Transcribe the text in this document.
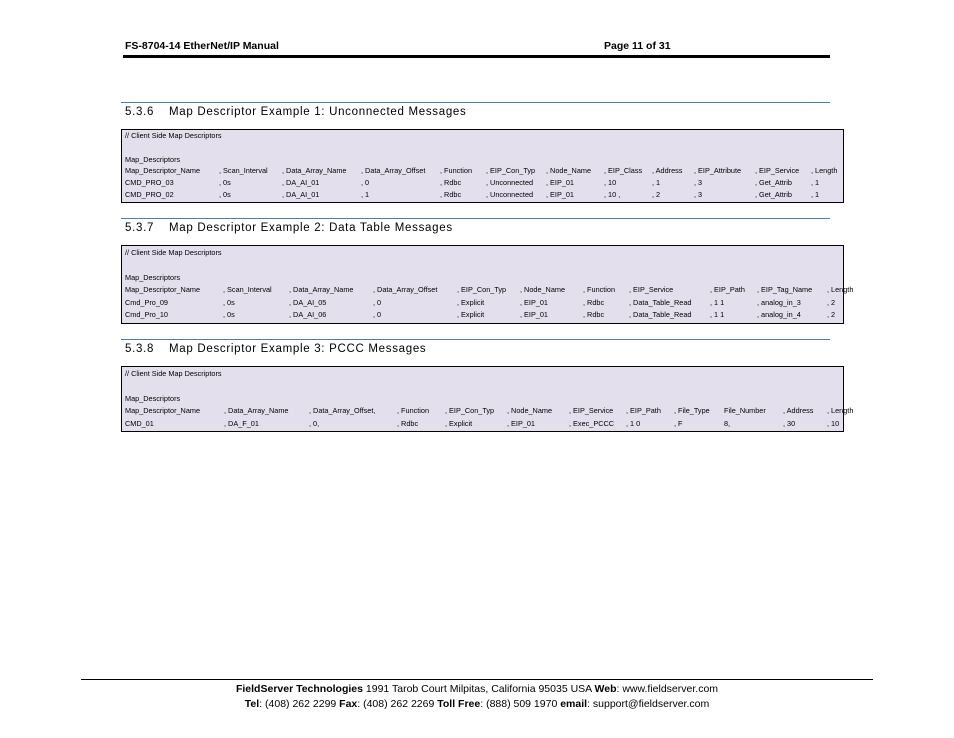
FS-8704-14 EtherNet/IP Manual	Page 11 of 31
5.3.6 Map Descriptor Example 1: Unconnected Messages
// Client Side Map Descriptors
Map_Descriptors
Map_Descriptor_Name	, Scan_Interval , Data_Array_Name , Data_Array_Offset , Function , EIP_Con_Typ , Node_Name , EIP_Class , Address , EIP_Attribute , EIP_Service , Length
CMD_PRO_03	, 0s	, DA_AI_01	, 0	, Rdbc	, Unconnected , EIP_01	, 10	, 1	, 3	, Get_Attrib	, 1
CMD_PRO_02	, 0s	, DA_AI_01	, 1	, Rdbc	, Unconnected , EIP_01	, 10 ,	, 2	, 3	, Get_Attrib	, 1
5.3.7 Map Descriptor Example 2: Data Table Messages
// Client Side Map Descriptors
Map_Descriptors
Map_Descriptor_Name	, Scan_Interval , Data_Array_Name	, Data_Array_Offset	, EIP_Con_Typ , Node_Name , Function , EIP_Service	, EIP_Path , EIP_Tag_Name , Length
Cmd_Pro_09	, 0s	, DA_AI_05	, 0	, Explicit	, EIP_01	, Rdbc	, Data_Table_Read	, 1 1	, analog_in_3	, 2
Cmd_Pro_10	, 0s	, DA_AI_06	, 0	, Explicit	, EIP_01	, Rdbc	, Data_Table_Read	, 1 1	, analog_in_4	, 2
5.3.8 Map Descriptor Example 3: PCCC Messages
// Client Side Map Descriptors
Map_Descriptors
Map_Descriptor_Name	, Data_Array_Name	, Data_Array_Offset,	, Function , EIP_Con_Typ , Node_Name , EIP_Service , EIP_Path , File_Type File_Number , Address , Length
CMD_01	, DA_F_01	, 0,	, Rdbc	, Explicit	, EIP_01	, Exec_PCCC , 1 0	, F	8,	, 30	, 10
FieldServer Technologies 1991 Tarob Court Milpitas, California 95035 USA Web: www.fieldserver.com
Tel: (408) 262 2299 Fax: (408) 262 2269 Toll Free: (888) 509 1970 email: support@fieldserver.com
